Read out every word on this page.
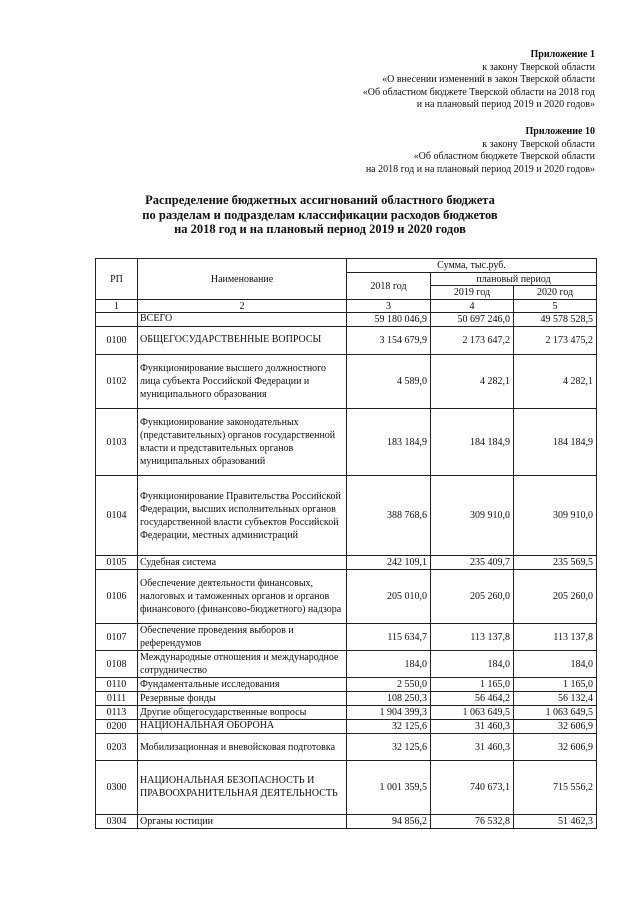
Приложение 1
к закону Тверской области
«О внесении изменений в закон Тверской области
«Об областном бюджете Тверской области на 2018 год
и на плановый период 2019 и 2020 годов»
Приложение 10
к закону Тверской области
«Об областном бюджете Тверской области
на 2018 год и на плановый период 2019 и 2020 годов»
Распределение бюджетных ассигнований областного бюджета
по разделам и подразделам классификации расходов бюджетов
на 2018 год и на плановый период 2019 и 2020 годов
РП	Наименование	Сумма, тыс.руб.		
		2018 год	плановый период	
			2019 год	2020 год
1	2	3	4	5
	ВСЕГО	59 180 046,9	50 697 246,0	49 578 528,5
0100	ОБЩЕГОСУДАРСТВЕННЫЕ ВОПРОСЫ	3 154 679,9	2 173 647,2	2 173 475,2
0102	Функционирование высшего должностного лица субъекта Российской Федерации и муниципального образования	4 589,0	4 282,1	4 282,1
0103	Функционирование законодательных (представительных) органов государственной власти и представительных органов муниципальных образований	183 184,9	184 184,9	184 184,9
0104	Функционирование Правительства Российской Федерации, высших исполнительных органов государственной власти субъектов Российской Федерации, местных администраций	388 768,6	309 910,0	309 910,0
0105	Судебная система	242 109,1	235 409,7	235 569,5
0106	Обеспечение деятельности финансовых, налоговых и таможенных органов и органов финансового (финансово-бюджетного) надзора	205 010,0	205 260,0	205 260,0
0107	Обеспечение проведения выборов и референдумов	115 634,7	113 137,8	113 137,8
0108	Международные отношения и международное сотрудничество	184,0	184,0	184,0
0110	Фундаментальные исследования	2 550,0	1 165,0	1 165,0
0111	Резервные фонды	108 250,3	56 464,2	56 132,4
0113	Другие общегосударственные вопросы	1 904 399,3	1 063 649,5	1 063 649,5
0200	НАЦИОНАЛЬНАЯ ОБОРОНА	32 125,6	31 460,3	32 606,9
0203	Мобилизационная и вневойсковая подготовка	32 125,6	31 460,3	32 606,9
0300	НАЦИОНАЛЬНАЯ БЕЗОПАСНОСТЬ И ПРАВООХРАНИТЕЛЬНАЯ ДЕЯТЕЛЬНОСТЬ	1 001 359,5	740 673,1	715 556,2
0304	Органы юстиции	94 856,2	76 532,8	51 462,3
